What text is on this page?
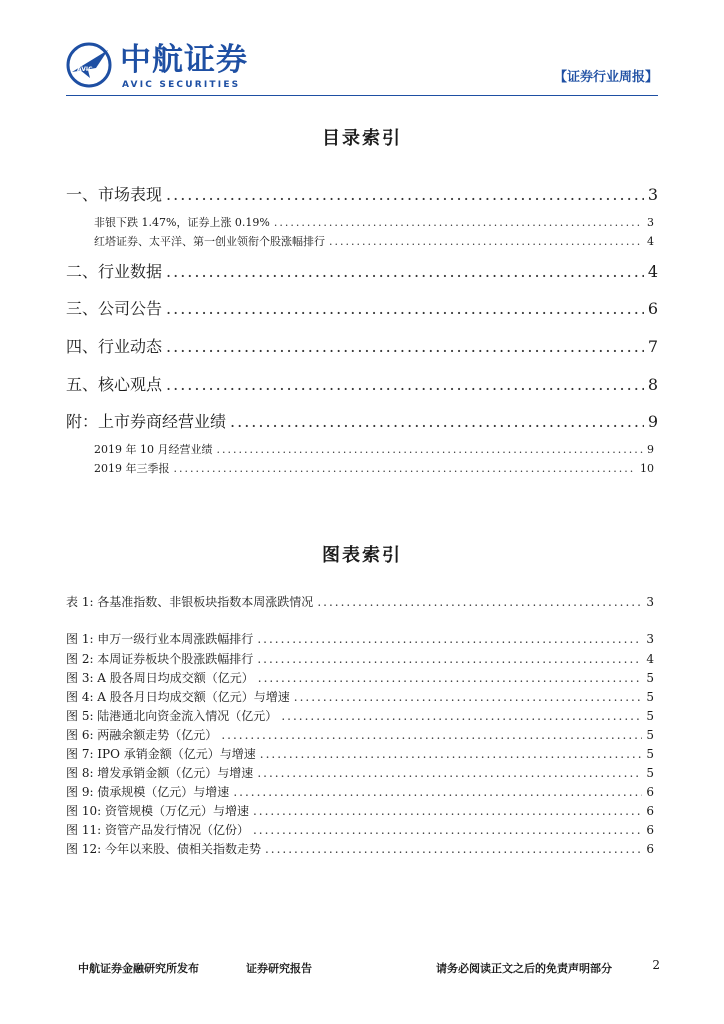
AVIC 中航证券
AVIC SECURITIES	【证券行业周报】
目录索引
一、市场表现 .....	3
非银下跌 1.47%，证券上涨 0.19% .....	3
红塔证券、太平洋、第一创业领衔个股涨幅排行 .....	4
二、行业数据 .....	4
三、公司公告 .....	6
四、行业动态 .....	7
五、核心观点 .....	8
附：上市券商经营业绩 .....	9
2019 年 10 月经营业绩 .....	9
2019 年三季报 .....	10
图表索引
表 1: 各基准指数、非银板块指数本周涨跌情况 .....	3
图 1: 申万一级行业本周涨跌幅排行 .....	3
图 2: 本周证券板块个股涨跌幅排行 .....	4
图 3: A 股各周日均成交额（亿元） .....	5
图 4: A 股各月日均成交额（亿元）与增速 .....	5
图 5: 陆港通北向资金流入情况（亿元） .....	5
图 6: 两融余额走势（亿元） .....	5
图 7: IPO 承销金额（亿元）与增速 .....	5
图 8: 增发承销金额（亿元）与增速 .....	5
图 9: 债承规模（亿元）与增速 .....	6
图 10: 资管规模（万亿元）与增速 .....	6
图 11: 资管产品发行情况（亿份） .....	6
图 12: 今年以来股、债相关指数走势 .....	6
中航证券金融研究所发布	证券研究报告	请务必阅读正文之后的免责声明部分	2
